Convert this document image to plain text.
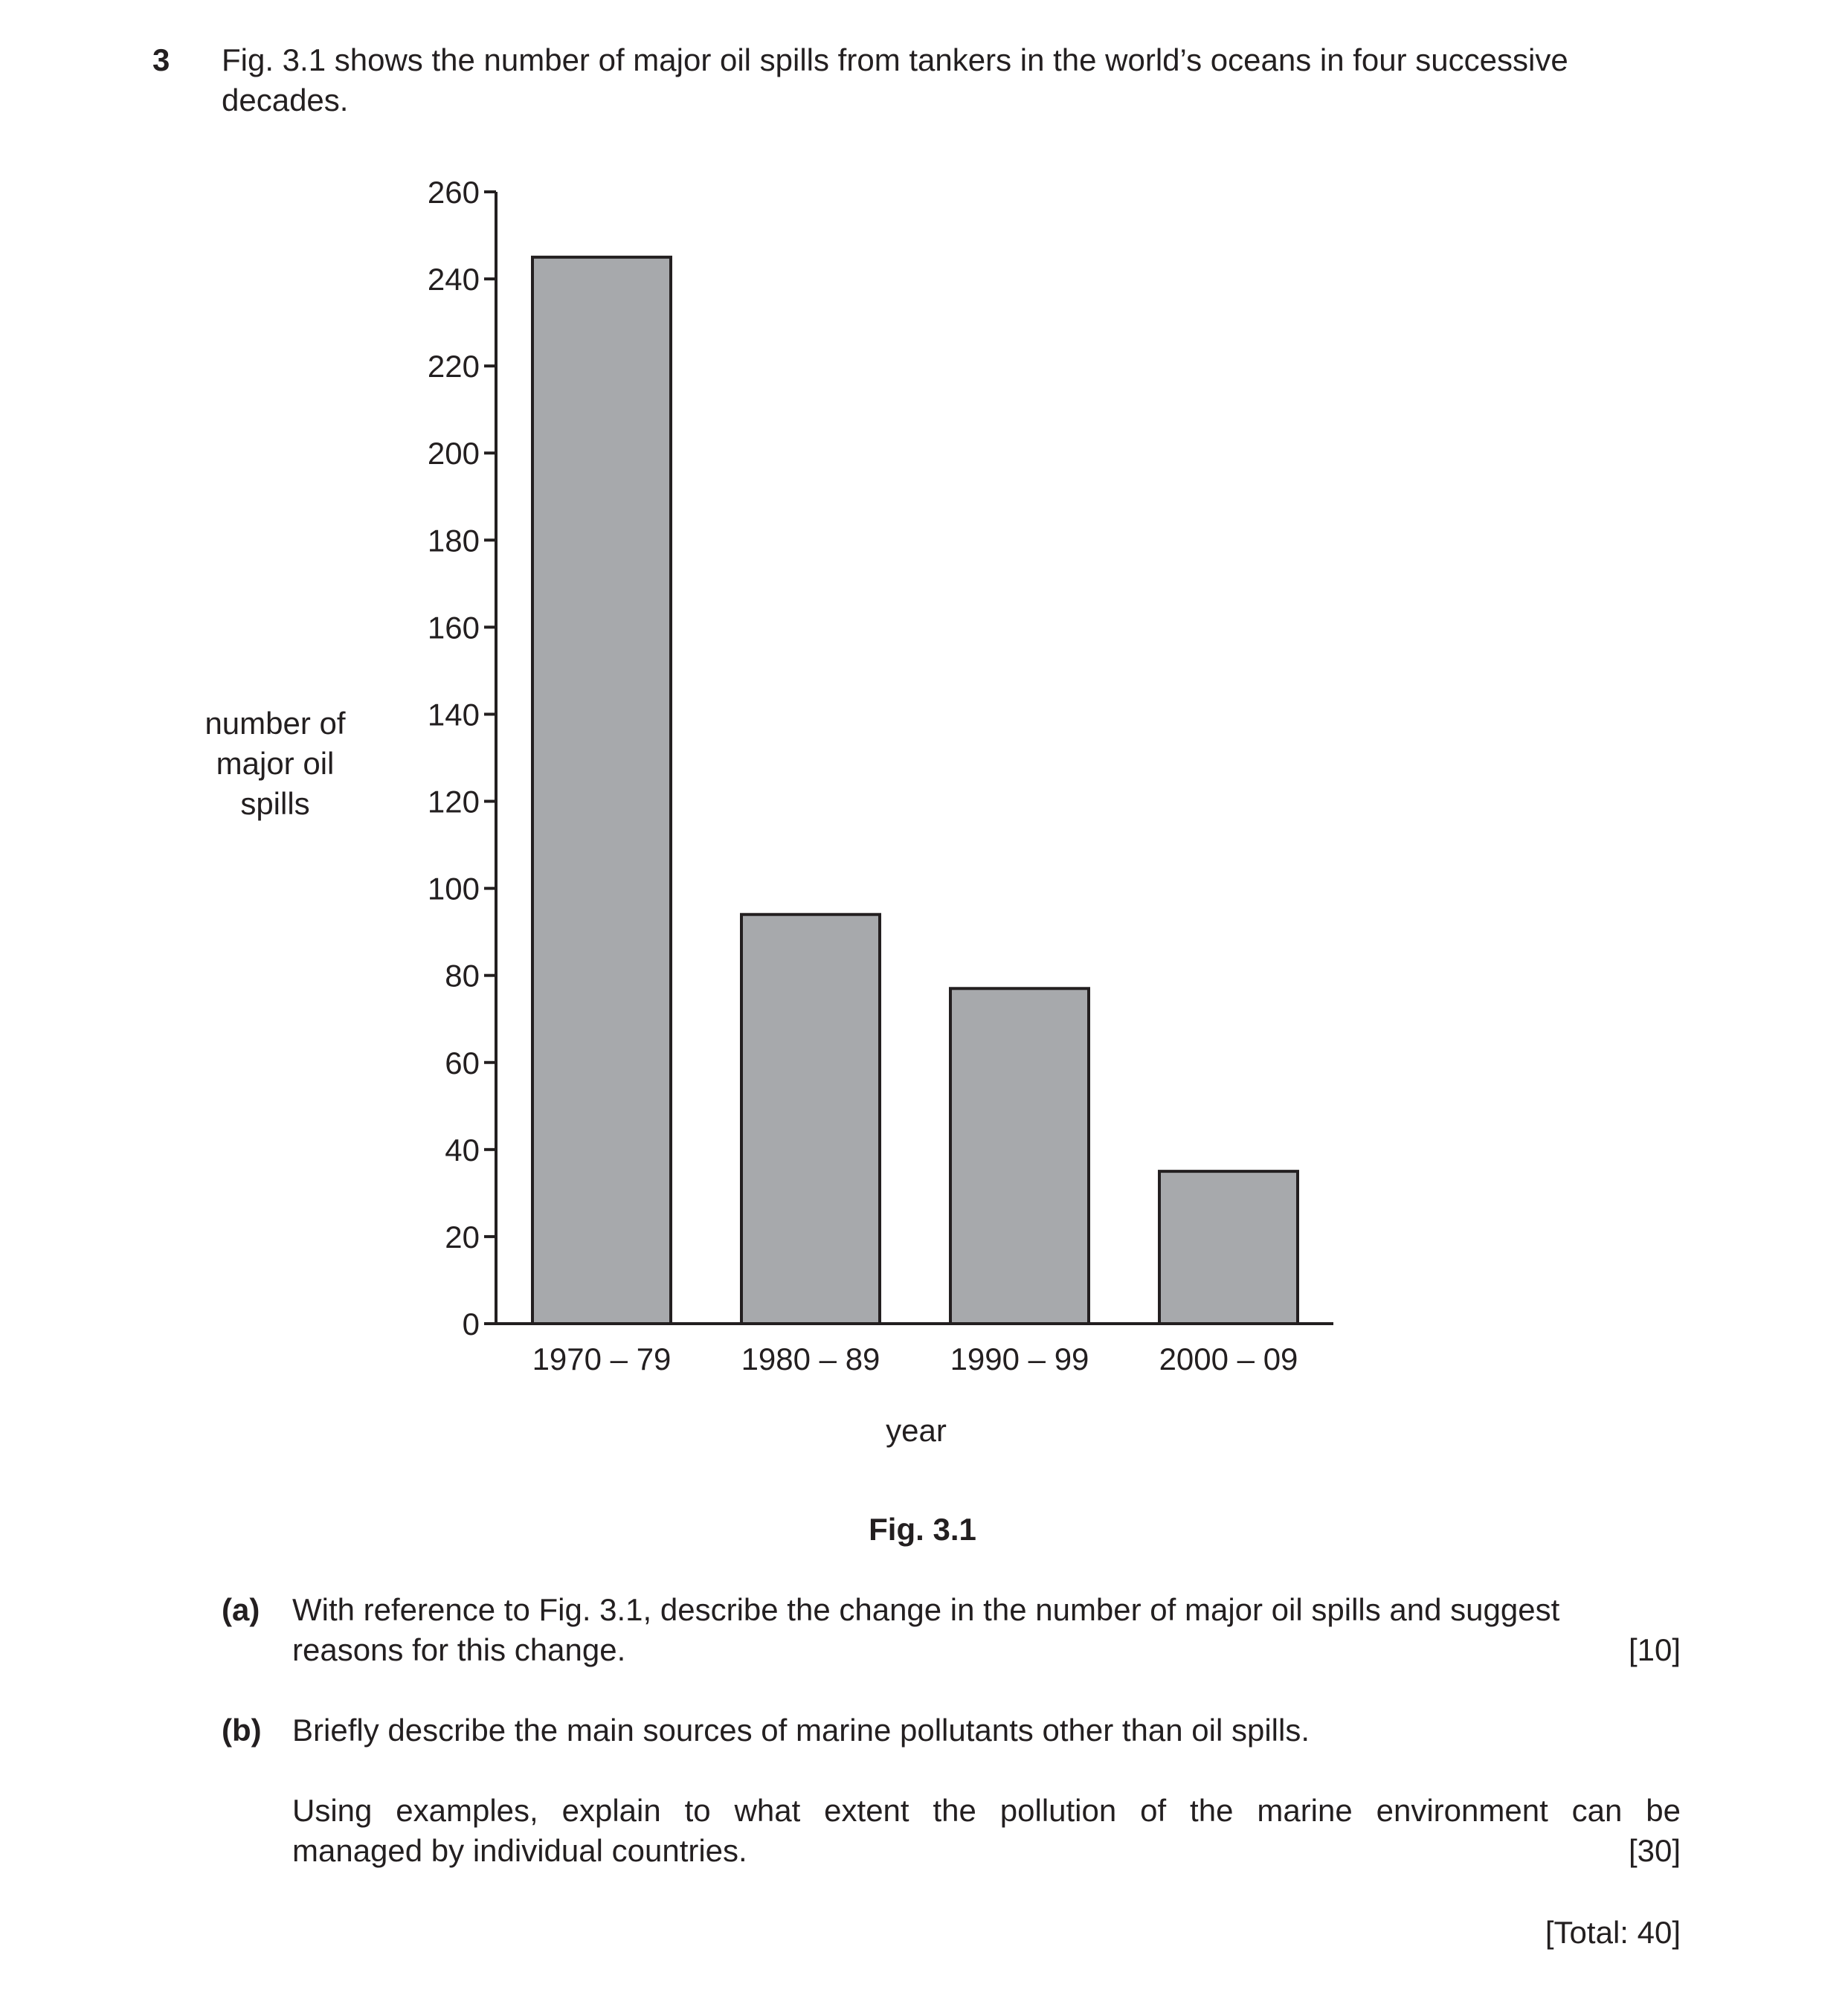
3 Fig. 3.1 shows the number of major oil spills from tankers in the world’s oceans in four successive decades.
number of
major oil
spills
0
20
40
60
80
100
120
140
160
180
200
220
240
260
1970 – 79 1980 – 89 1990 – 99 2000 – 09
year
Fig. 3.1
(a) With reference to Fig. 3.1, describe the change in the number of major oil spills and suggest
reasons for this change.	[10]
(b) Briefly describe the main sources of marine pollutants other than oil spills.
Using examples, explain to what extent the pollution of the marine environment can be
managed by individual countries.	[30]
[Total: 40]
